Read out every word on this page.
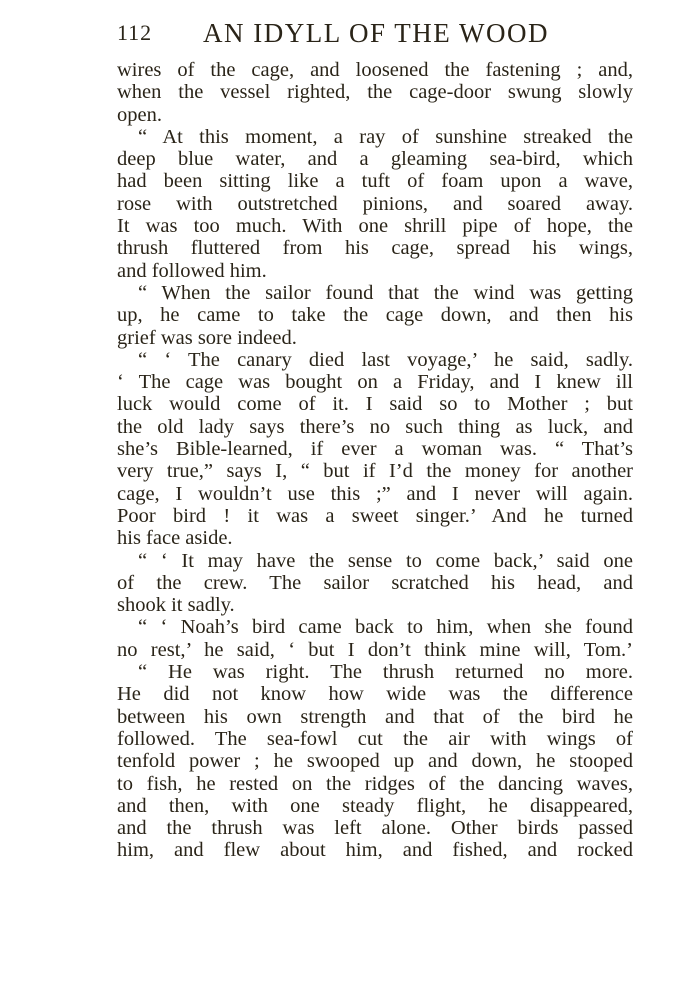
112 AN IDYLL OF THE WOOD
wires of the cage, and loosened the fastening ; and,
when the vessel righted, the cage-door swung slowly
open.
“ At this moment, a ray of sunshine streaked the
deep blue water, and a gleaming sea-bird, which
had been sitting like a tuft of foam upon a wave,
rose with outstretched pinions, and soared away.
It was too much. With one shrill pipe of hope, the
thrush fluttered from his cage, spread his wings,
and followed him.
“ When the sailor found that the wind was getting
up, he came to take the cage down, and then his
grief was sore indeed.
“ ‘ The canary died last voyage,’ he said, sadly.
‘ The cage was bought on a Friday, and I knew ill
luck would come of it. I said so to Mother ; but
the old lady says there’s no such thing as luck, and
she’s Bible-learned, if ever a woman was. “ That’s
very true,” says I, “ but if I’d the money for another
cage, I wouldn’t use this ;” and I never will again.
Poor bird ! it was a sweet singer.’ And he turned
his face aside.
“ ‘ It may have the sense to come back,’ said one
of the crew. The sailor scratched his head, and
shook it sadly.
“ ‘ Noah’s bird came back to him, when she found
no rest,’ he said, ‘ but I don’t think mine will, Tom.’
“ He was right. The thrush returned no more.
He did not know how wide was the difference
between his own strength and that of the bird he
followed. The sea-fowl cut the air with wings of
tenfold power ; he swooped up and down, he stooped
to fish, he rested on the ridges of the dancing waves,
and then, with one steady flight, he disappeared,
and the thrush was left alone. Other birds passed
him, and flew about him, and fished, and rocked
